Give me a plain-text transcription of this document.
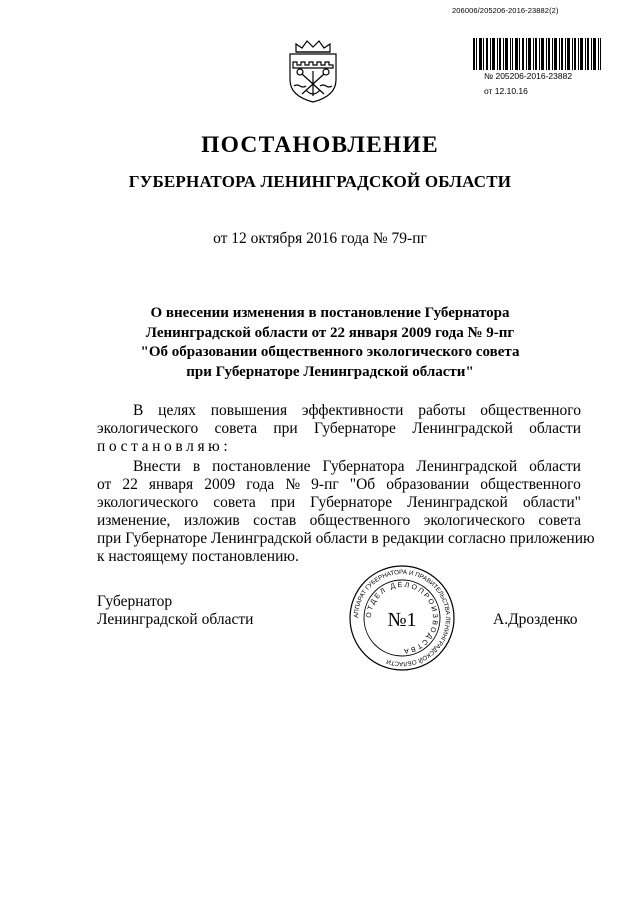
206006/205206-2016-23882(2)
№ 205206-2016-23882
от 12.10.16
ПОСТАНОВЛЕНИЕ
ГУБЕРНАТОРА ЛЕНИНГРАДСКОЙ ОБЛАСТИ
от 12 октября 2016 года № 79-пг
О внесении изменения в постановление Губернатора
Ленинградской области от 22 января 2009 года № 9-пг
"Об образовании общественного экологического совета
при Губернаторе Ленинградской области"
В целях повышения эффективности работы общественного
экологического совета при Губернаторе Ленинградской области
постановляю:
Внести в постановление Губернатора Ленинградской области
от 22 января 2009 года № 9-пг "Об образовании общественного
экологического совета при Губернаторе Ленинградской области"
изменение, изложив состав общественного экологического совета
при Губернаторе Ленинградской области в редакции согласно приложению
к настоящему постановлению.
Губернатор
Ленинградской области	А.Дрозденко
АППАРАТ ГУБЕРНАТОРА И ПРАВИТЕЛЬСТВА ЛЕНИНГРАДСКОЙ ОБЛАСТИ
ОТДЕЛ ДЕЛОПРОИЗВОДСТВА
№1
